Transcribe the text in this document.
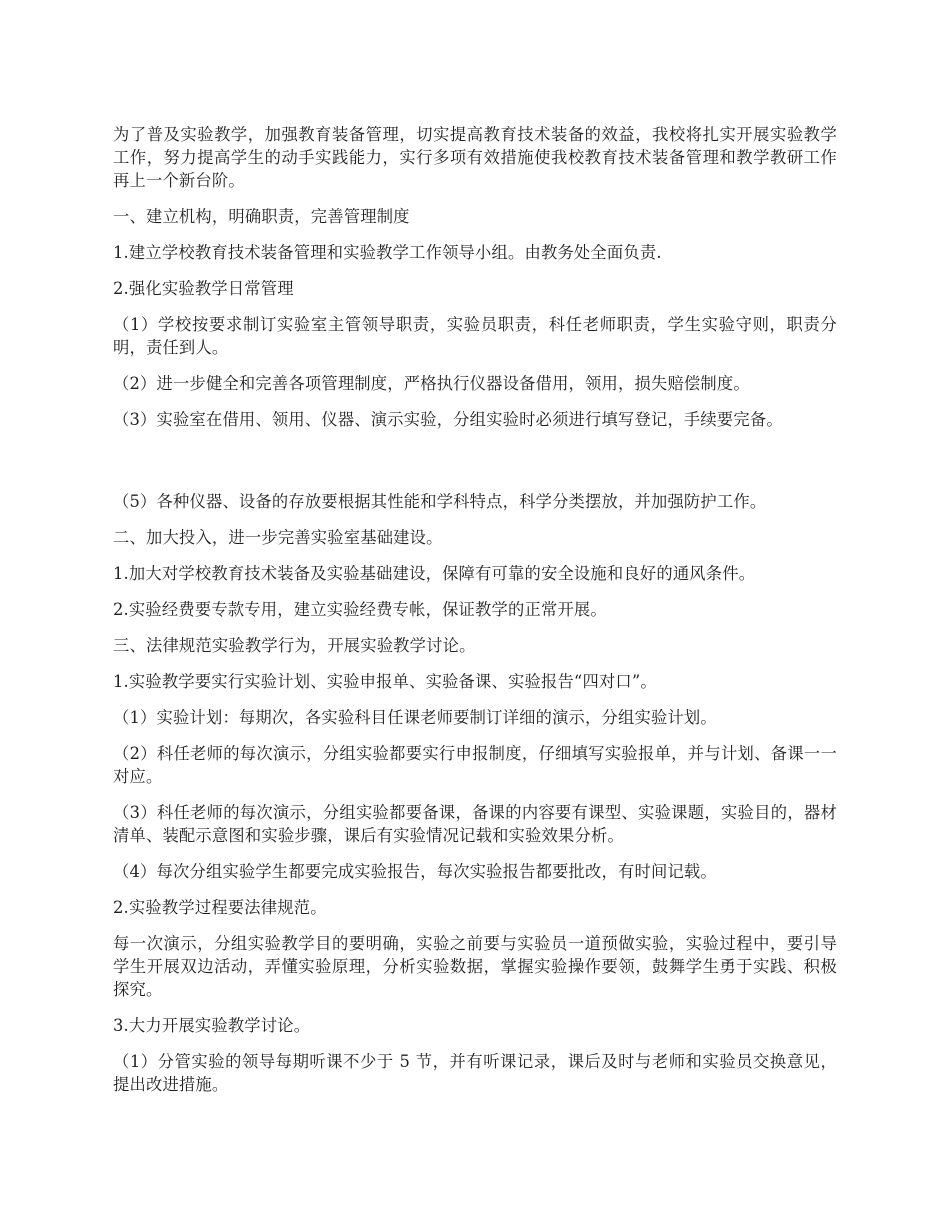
为了普及实验教学，加强教育装备管理，切实提高教育技术装备的效益，我校将扎实开展实验教学工作，努力提高学生的动手实践能力，实行多项有效措施使我校教育技术装备管理和教学教研工作再上一个新台阶。

一、建立机构，明确职责，完善管理制度

1.建立学校教育技术装备管理和实验教学工作领导小组。由教务处全面负责.

2.强化实验教学日常管理

（1）学校按要求制订实验室主管领导职责，实验员职责，科任老师职责，学生实验守则，职责分明，责任到人。

（2）进一步健全和完善各项管理制度，严格执行仪器设备借用，领用，损失赔偿制度。

（3）实验室在借用、领用、仪器、演示实验，分组实验时必须进行填写登记，手续要完备。

（5）各种仪器、设备的存放要根据其性能和学科特点，科学分类摆放，并加强防护工作。

二、加大投入，进一步完善实验室基础建设。

1.加大对学校教育技术装备及实验基础建设，保障有可靠的安全设施和良好的通风条件。

2.实验经费要专款专用，建立实验经费专帐，保证教学的正常开展。

三、法律规范实验教学行为，开展实验教学讨论。

1.实验教学要实行实验计划、实验申报单、实验备课、实验报告“四对口”。

（1）实验计划：每期次，各实验科目任课老师要制订详细的演示，分组实验计划。

（2）科任老师的每次演示，分组实验都要实行申报制度，仔细填写实验报单，并与计划、备课一一对应。

（3）科任老师的每次演示，分组实验都要备课，备课的内容要有课型、实验课题，实验目的，器材清单、装配示意图和实验步骤，课后有实验情况记载和实验效果分析。

（4）每次分组实验学生都要完成实验报告，每次实验报告都要批改，有时间记载。

2.实验教学过程要法律规范。

每一次演示，分组实验教学目的要明确，实验之前要与实验员一道预做实验，实验过程中，要引导学生开展双边活动，弄懂实验原理，分析实验数据，掌握实验操作要领，鼓舞学生勇于实践、积极探究。

3.大力开展实验教学讨论。

（1）分管实验的领导每期听课不少于 5 节，并有听课记录，课后及时与老师和实验员交换意见，提出改进措施。
